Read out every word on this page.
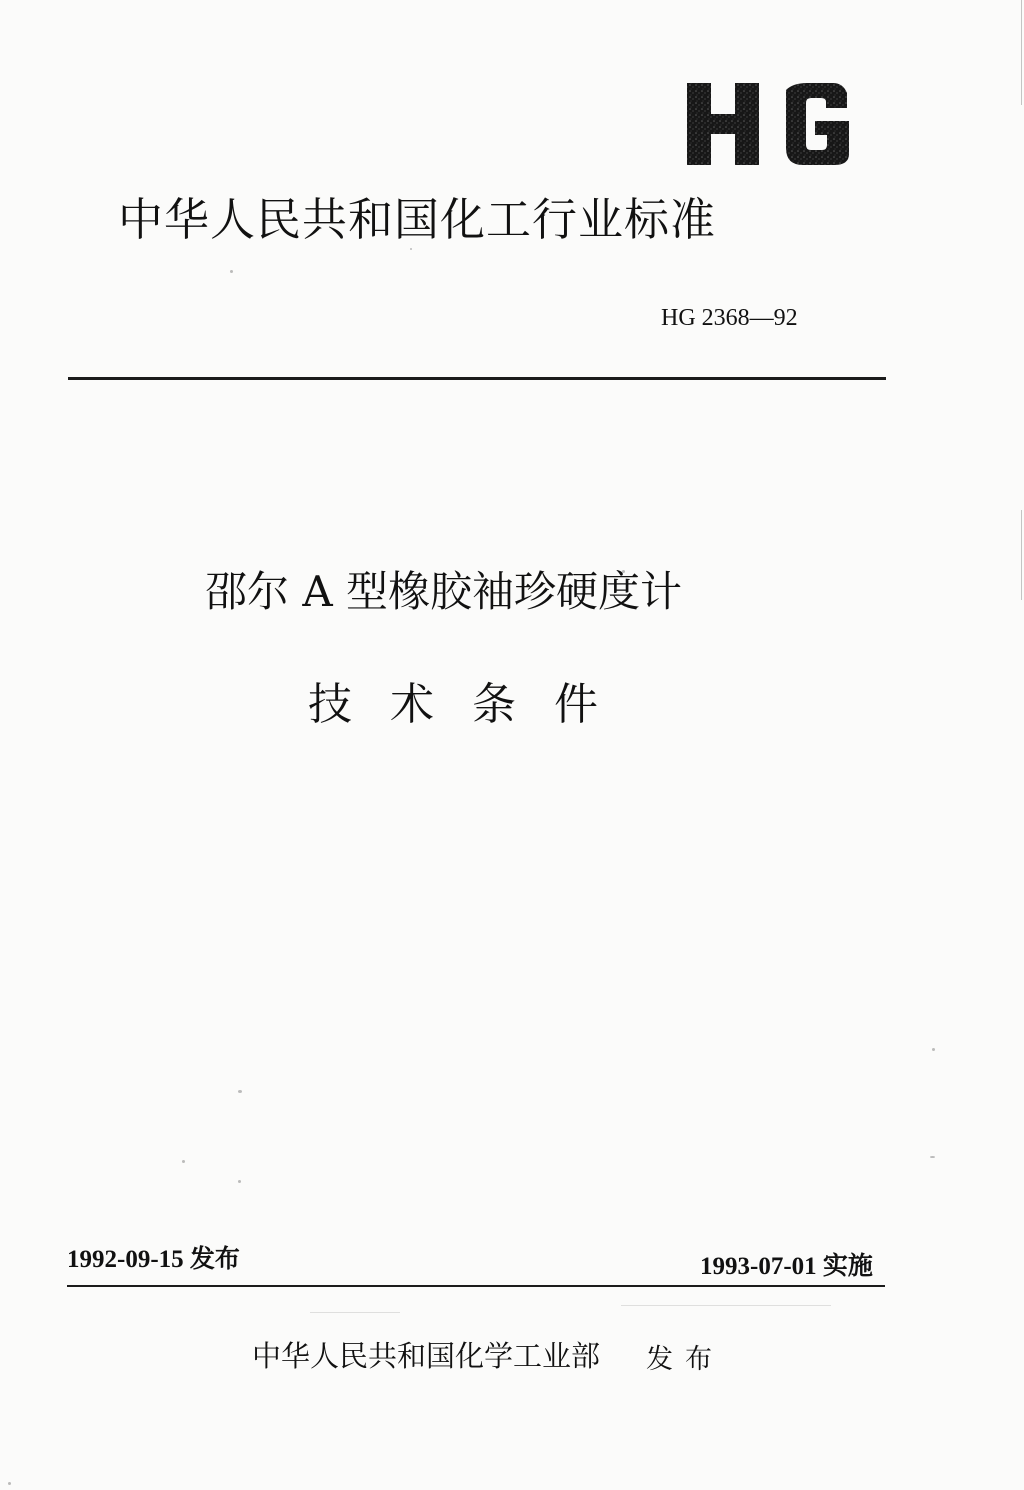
中华人民共和国化工行业标准
HG 2368—92
邵尔 A 型橡胶袖珍硬度计
技术条件
1992-09-15 发布	1993-07-01 实施
中华人民共和国化学工业部 发布
